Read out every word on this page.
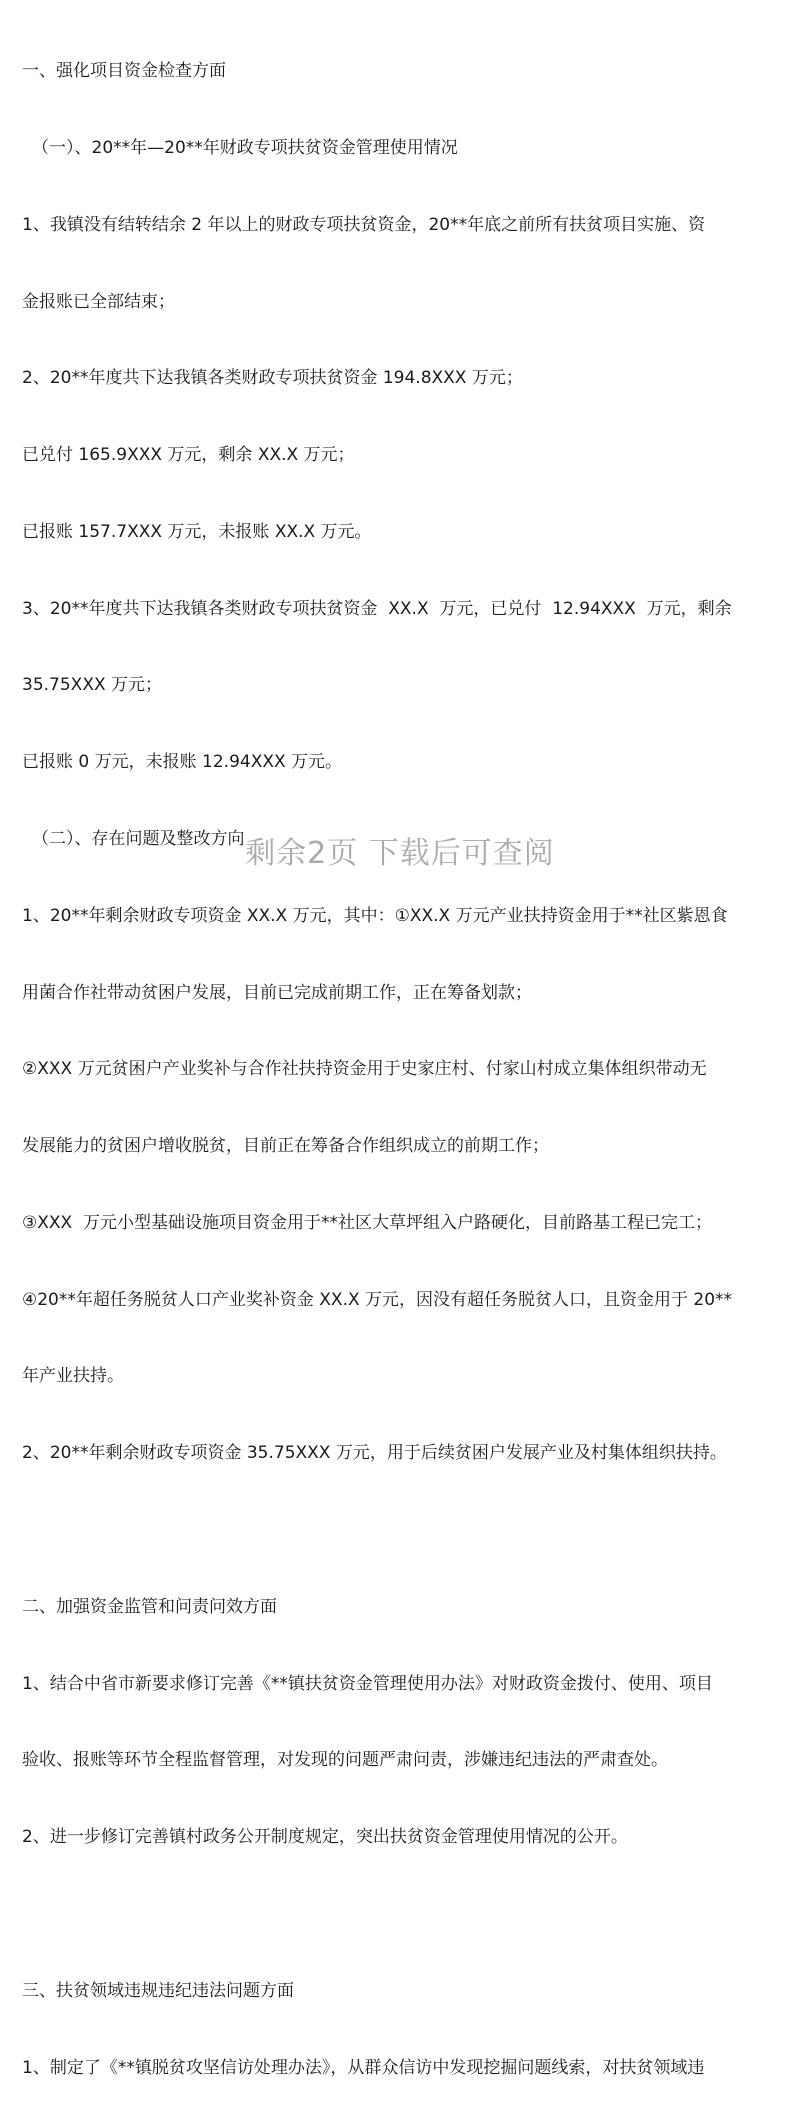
一、强化项目资金检查方面

（一）、20**年—20**年财政专项扶贫资金管理使用情况

1、我镇没有结转结余 2 年以上的财政专项扶贫资金，20**年底之前所有扶贫项目实施、资

金报账已全部结束；

2、20**年度共下达我镇各类财政专项扶贫资金 194.8XXX 万元；

已兑付 165.9XXX 万元，剩余 XX.X 万元；

已报账 157.7XXX 万元，未报账 XX.X 万元。

3、20**年度共下达我镇各类财政专项扶贫资金  XX.X  万元，已兑付  12.94XXX  万元，剩余

35.75XXX 万元；

已报账 0 万元，未报账 12.94XXX 万元。

（二）、存在问题及整改方向

1、20**年剩余财政专项资金 XX.X 万元，其中：①XX.X 万元产业扶持资金用于**社区紫恩食

用菌合作社带动贫困户发展，目前已完成前期工作，正在筹备划款；

②XXX 万元贫困户产业奖补与合作社扶持资金用于史家庄村、付家山村成立集体组织带动无

发展能力的贫困户增收脱贫，目前正在筹备合作组织成立的前期工作；

③XXX  万元小型基础设施项目资金用于**社区大草坪组入户路硬化，目前路基工程已完工；

④20**年超任务脱贫人口产业奖补资金 XX.X 万元，因没有超任务脱贫人口，且资金用于 20**

年产业扶持。

2、20**年剩余财政专项资金 35.75XXX 万元，用于后续贫困户发展产业及村集体组织扶持。

二、加强资金监管和问责问效方面

1、结合中省市新要求修订完善《**镇扶贫资金管理使用办法》对财政资金拨付、使用、项目

验收、报账等环节全程监督管理，对发现的问题严肃问责，涉嫌违纪违法的严肃查处。

2、进一步修订完善镇村政务公开制度规定，突出扶贫资金管理使用情况的公开。

三、扶贫领域违规违纪违法问题方面

1、制定了《**镇脱贫攻坚信访处理办法》，从群众信访中发现挖掘问题线索，对扶贫领域违

剩余2页 下载后可查阅
